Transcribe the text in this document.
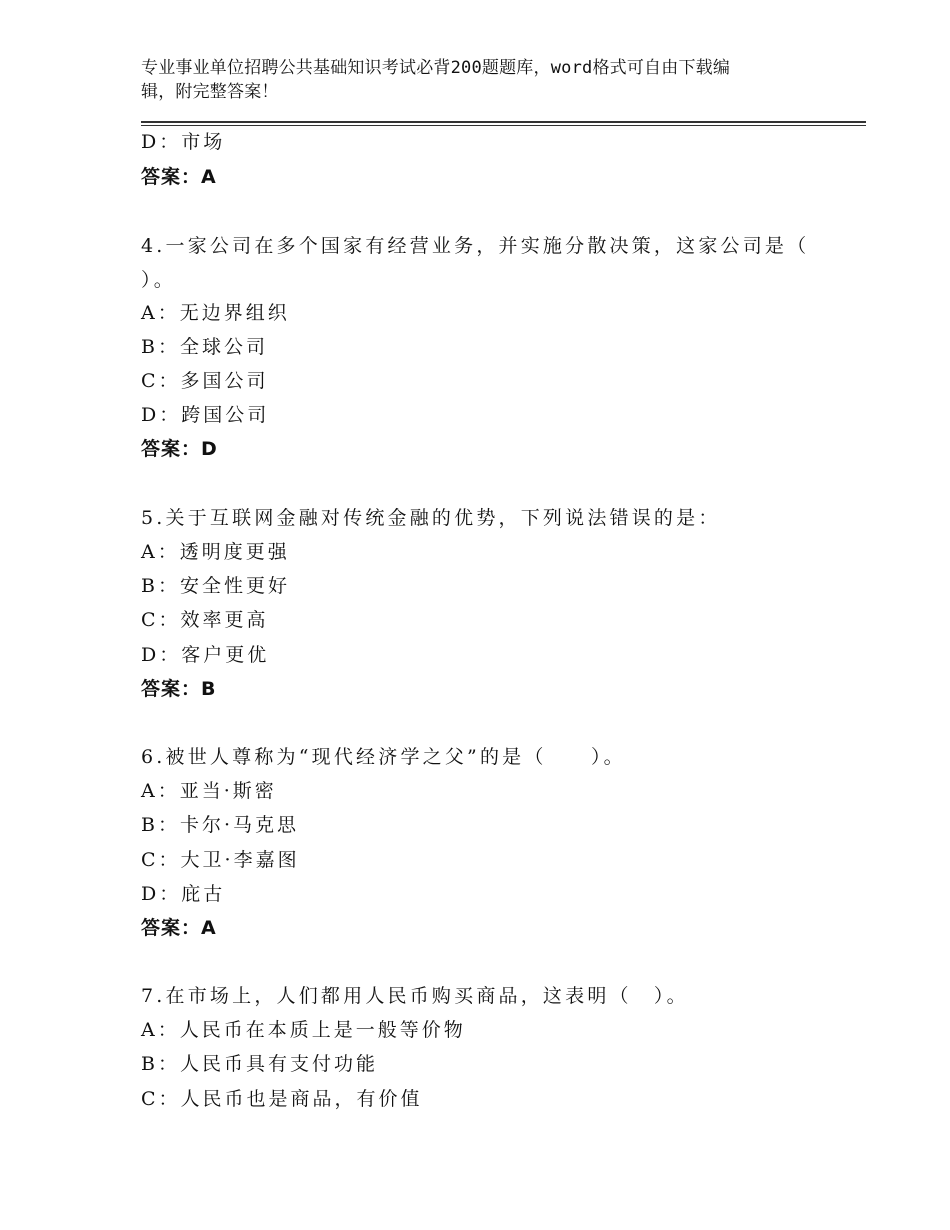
专业事业单位招聘公共基础知识考试必背200题题库，word格式可自由下载编
辑，附完整答案！
D：市场
答案：A
4.一家公司在多个国家有经营业务，并实施分散决策，这家公司是（
）。
A：无边界组织
B：全球公司
C：多国公司
D：跨国公司
答案：D
5.关于互联网金融对传统金融的优势，下列说法错误的是：
A：透明度更强
B：安全性更好
C：效率更高
D：客户更优
答案：B
6.被世人尊称为“现代经济学之父”的是（　　）。
A：亚当·斯密
B：卡尔·马克思
C：大卫·李嘉图
D：庇古
答案：A
7.在市场上，人们都用人民币购买商品，这表明（　）。
A：人民币在本质上是一般等价物
B：人民币具有支付功能
C：人民币也是商品，有价值
